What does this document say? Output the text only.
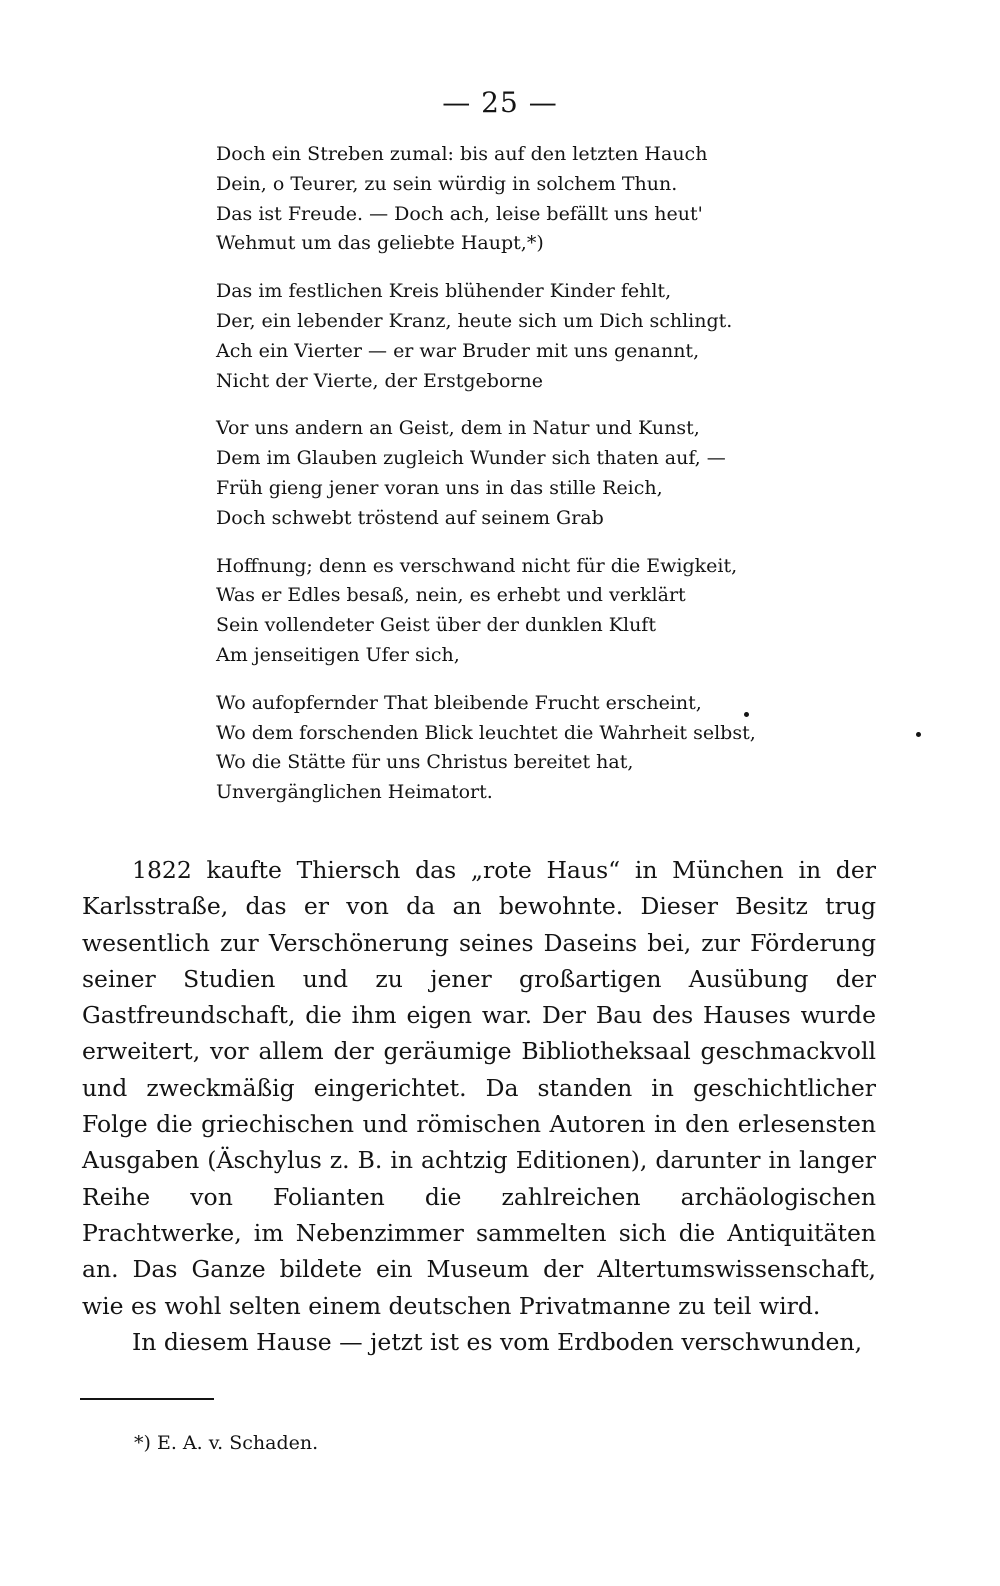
— 25 —
Doch ein Streben zumal: bis auf den letzten Hauch
Dein, o Teurer, zu sein würdig in solchem Thun.
Das ist Freude. — Doch ach, leise befällt uns heut'
Wehmut um das geliebte Haupt,*)
Das im festlichen Kreis blühender Kinder fehlt,
Der, ein lebender Kranz, heute sich um Dich schlingt.
Ach ein Vierter — er war Bruder mit uns genannt,
Nicht der Vierte, der Erstgeborne
Vor uns andern an Geist, dem in Natur und Kunst,
Dem im Glauben zugleich Wunder sich thaten auf, —
Früh gieng jener voran uns in das stille Reich,
Doch schwebt tröstend auf seinem Grab
Hoffnung; denn es verschwand nicht für die Ewigkeit,
Was er Edles besaß, nein, es erhebt und verklärt
Sein vollendeter Geist über der dunklen Kluft
Am jenseitigen Ufer sich,
Wo aufopfernder That bleibende Frucht erscheint,
Wo dem forschenden Blick leuchtet die Wahrheit selbst,
Wo die Stätte für uns Christus bereitet hat,
Unvergänglichen Heimatort.

1822 kaufte Thiersch das „rote Haus“ in München in der Karlsstraße, das er von da an bewohnte. Dieser Besitz trug wesentlich zur Verschönerung seines Daseins bei, zur Förderung seiner Studien und zu jener großartigen Ausübung der Gastfreundschaft, die ihm eigen war. Der Bau des Hauses wurde erweitert, vor allem der geräumige Bibliotheksaal geschmackvoll und zweckmäßig eingerichtet. Da standen in geschichtlicher Folge die griechischen und römischen Autoren in den erlesensten Ausgaben (Äschylus z. B. in achtzig Editionen), darunter in langer Reihe von Folianten die zahlreichen archäologischen Prachtwerke, im Nebenzimmer sammelten sich die Antiquitäten an. Das Ganze bildete ein Museum der Altertumswissenschaft, wie es wohl selten einem deutschen Privatmanne zu teil wird.

In diesem Hause — jetzt ist es vom Erdboden verschwunden,

*) E. A. v. Schaden.
